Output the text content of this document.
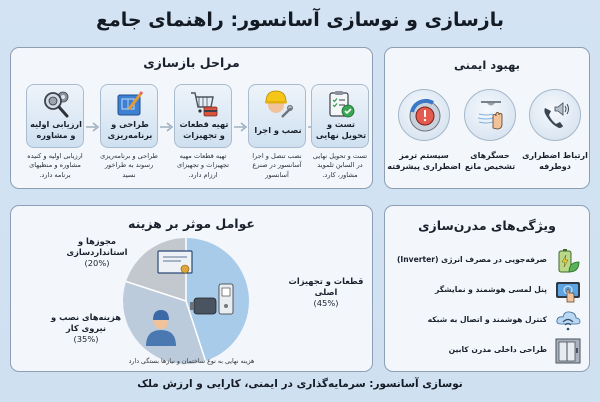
بازسازی و نوسازی آسانسور: راهنمای جامع
مراحل بازسازی
ارزیابی اولیه
و مشاوره
ارزیابی اولیه و کنیده
مشاوره و منظیهای
برنامه دارد.
طراحی و
برنامه‌ریزی
طراحی و برنامه‌ریزی
رسوند به طراخور
نسید
تهیه قطعات
و تجهیزات
تهیه قطعات مهیه
تجهیزات و تجهیزای
ارزام دارد.
نصب و اجرا
نصب تنصل و اجرا
آسانسور در صنرع
آسانسور
تست و
تحویل نهایی
تست و تحویل نهایی
در السابن ثلمويد
مشاور، کارد.
بهبود ایمنی
سیستم ترمز
اضطراری پیشرفته
حسگرهای
تشخیص مانع
ارتباط اضطراری
دوطرفه
عوامل موثر بر هزینه
قطعات و تجهیزات اصلی
(45%)
هزینه‌های نصب و
نیروی کار
(35%)
مجوزها و
استانداردسازی
(20%)
هزینه نهایی به نوع ساختمان و نیازها بستگی دارد
ویژگی‌های مدرن‌سازی
صرفه‌جویی در مصرف انرژی (Inverter)
پنل لمسی هوشمند و نمایشگر
کنترل هوشمند و اتصال به شبکه
طراحی داخلی مدرن کابین
نوسازی آسانسور: سرمایه‌گذاری در ایمنی، کارایی و ارزش ملک
